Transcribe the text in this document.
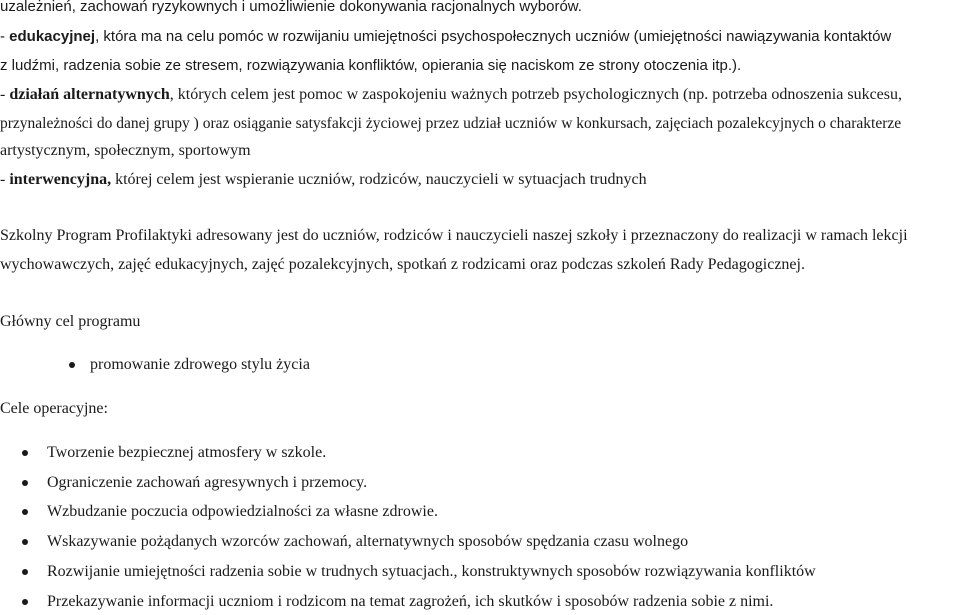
uzależnień, zachowań ryzykownych i umożliwienie dokonywania racjonalnych wyborów.
- edukacyjnej, która ma na celu pomóc w rozwijaniu umiejętności psychospołecznych uczniów (umiejętności nawiązywania kontaktów
z ludźmi, radzenia sobie ze stresem, rozwiązywania konfliktów, opierania się naciskom ze strony otoczenia itp.).
- działań alternatywnych, których celem jest pomoc w zaspokojeniu ważnych potrzeb psychologicznych (np. potrzeba odnoszenia sukcesu,
przynależności do danej grupy ) oraz osiąganie satysfakcji życiowej przez udział uczniów w konkursach, zajęciach pozalekcyjnych o charakterze
artystycznym, społecznym, sportowym
- interwencyjna, której celem jest wspieranie uczniów, rodziców, nauczycieli w sytuacjach trudnych
Szkolny Program Profilaktyki adresowany jest do uczniów, rodziców i nauczycieli naszej szkoły i przeznaczony do realizacji w ramach lekcji
wychowawczych, zajęć edukacyjnych, zajęć pozalekcyjnych, spotkań z rodzicami oraz podczas szkoleń Rady Pedagogicznej.
Główny cel programu
promowanie zdrowego stylu życia
Cele operacyjne:
Tworzenie bezpiecznej atmosfery w szkole.
Ograniczenie zachowań agresywnych i przemocy.
Wzbudzanie poczucia odpowiedzialności za własne zdrowie.
Wskazywanie pożądanych wzorców zachowań, alternatywnych sposobów spędzania czasu wolnego
Rozwijanie umiejętności radzenia sobie w trudnych sytuacjach., konstruktywnych sposobów rozwiązywania konfliktów
Przekazywanie informacji uczniom i rodzicom na temat zagrożeń, ich skutków i sposobów radzenia sobie z nimi.
